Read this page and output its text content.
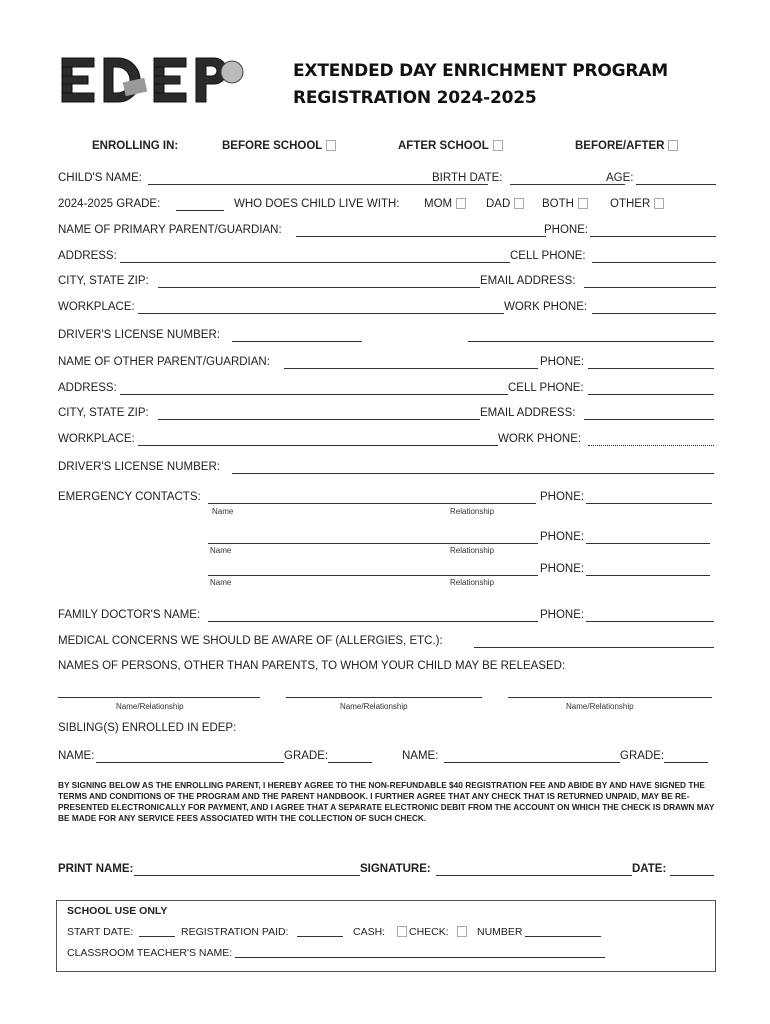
EXTENDED DAY ENRICHMENT PROGRAM
REGISTRATION 2024-2025
ENROLLING IN:	BEFORE SCHOOL	AFTER SCHOOL	BEFORE/AFTER
CHILD'S NAME:	BIRTH DATE:	AGE:
2024-2025 GRADE:	WHO DOES CHILD LIVE WITH: MOM	DAD	BOTH	OTHER
NAME OF PRIMARY PARENT/GUARDIAN:	PHONE:
ADDRESS:	CELL PHONE:
CITY, STATE ZIP:	EMAIL ADDRESS:
WORKPLACE:	WORK PHONE:
DRIVER'S LICENSE NUMBER:
NAME OF OTHER PARENT/GUARDIAN:	PHONE:
ADDRESS:	CELL PHONE:
CITY, STATE ZIP:	EMAIL ADDRESS:
WORKPLACE:	WORK PHONE:
DRIVER'S LICENSE NUMBER:
EMERGENCY CONTACTS:	PHONE:
Name	Relationship
PHONE:
Name	Relationship
PHONE:
Name	Relationship
FAMILY DOCTOR'S NAME:	PHONE:
MEDICAL CONCERNS WE SHOULD BE AWARE OF (ALLERGIES, ETC.):
NAMES OF PERSONS, OTHER THAN PARENTS, TO WHOM YOUR CHILD MAY BE RELEASED:
Name/Relationship	Name/Relationship	Name/Relationship
SIBLING(S) ENROLLED IN EDEP:
NAME:	GRADE:	NAME:	GRADE:
BY SIGNING BELOW AS THE ENROLLING PARENT, I HEREBY AGREE TO THE NON-REFUNDABLE $40 REGISTRATION FEE AND ABIDE BY AND HAVE SIGNED THE TERMS AND CONDITIONS OF THE PROGRAM AND THE PARENT HANDBOOK. I FURTHER AGREE THAT ANY CHECK THAT IS RETURNED UNPAID, MAY BE RE-PRESENTED ELECTRONICALLY FOR PAYMENT, AND I AGREE THAT A SEPARATE ELECTRONIC DEBIT FROM THE ACCOUNT ON WHICH THE CHECK IS DRAWN MAY BE MADE FOR ANY SERVICE FEES ASSOCIATED WITH THE COLLECTION OF SUCH CHECK.
PRINT NAME:	SIGNATURE:	DATE:
SCHOOL USE ONLY
START DATE:	REGISTRATION PAID:	CASH: CHECK:	NUMBER
CLASSROOM TEACHER'S NAME:
